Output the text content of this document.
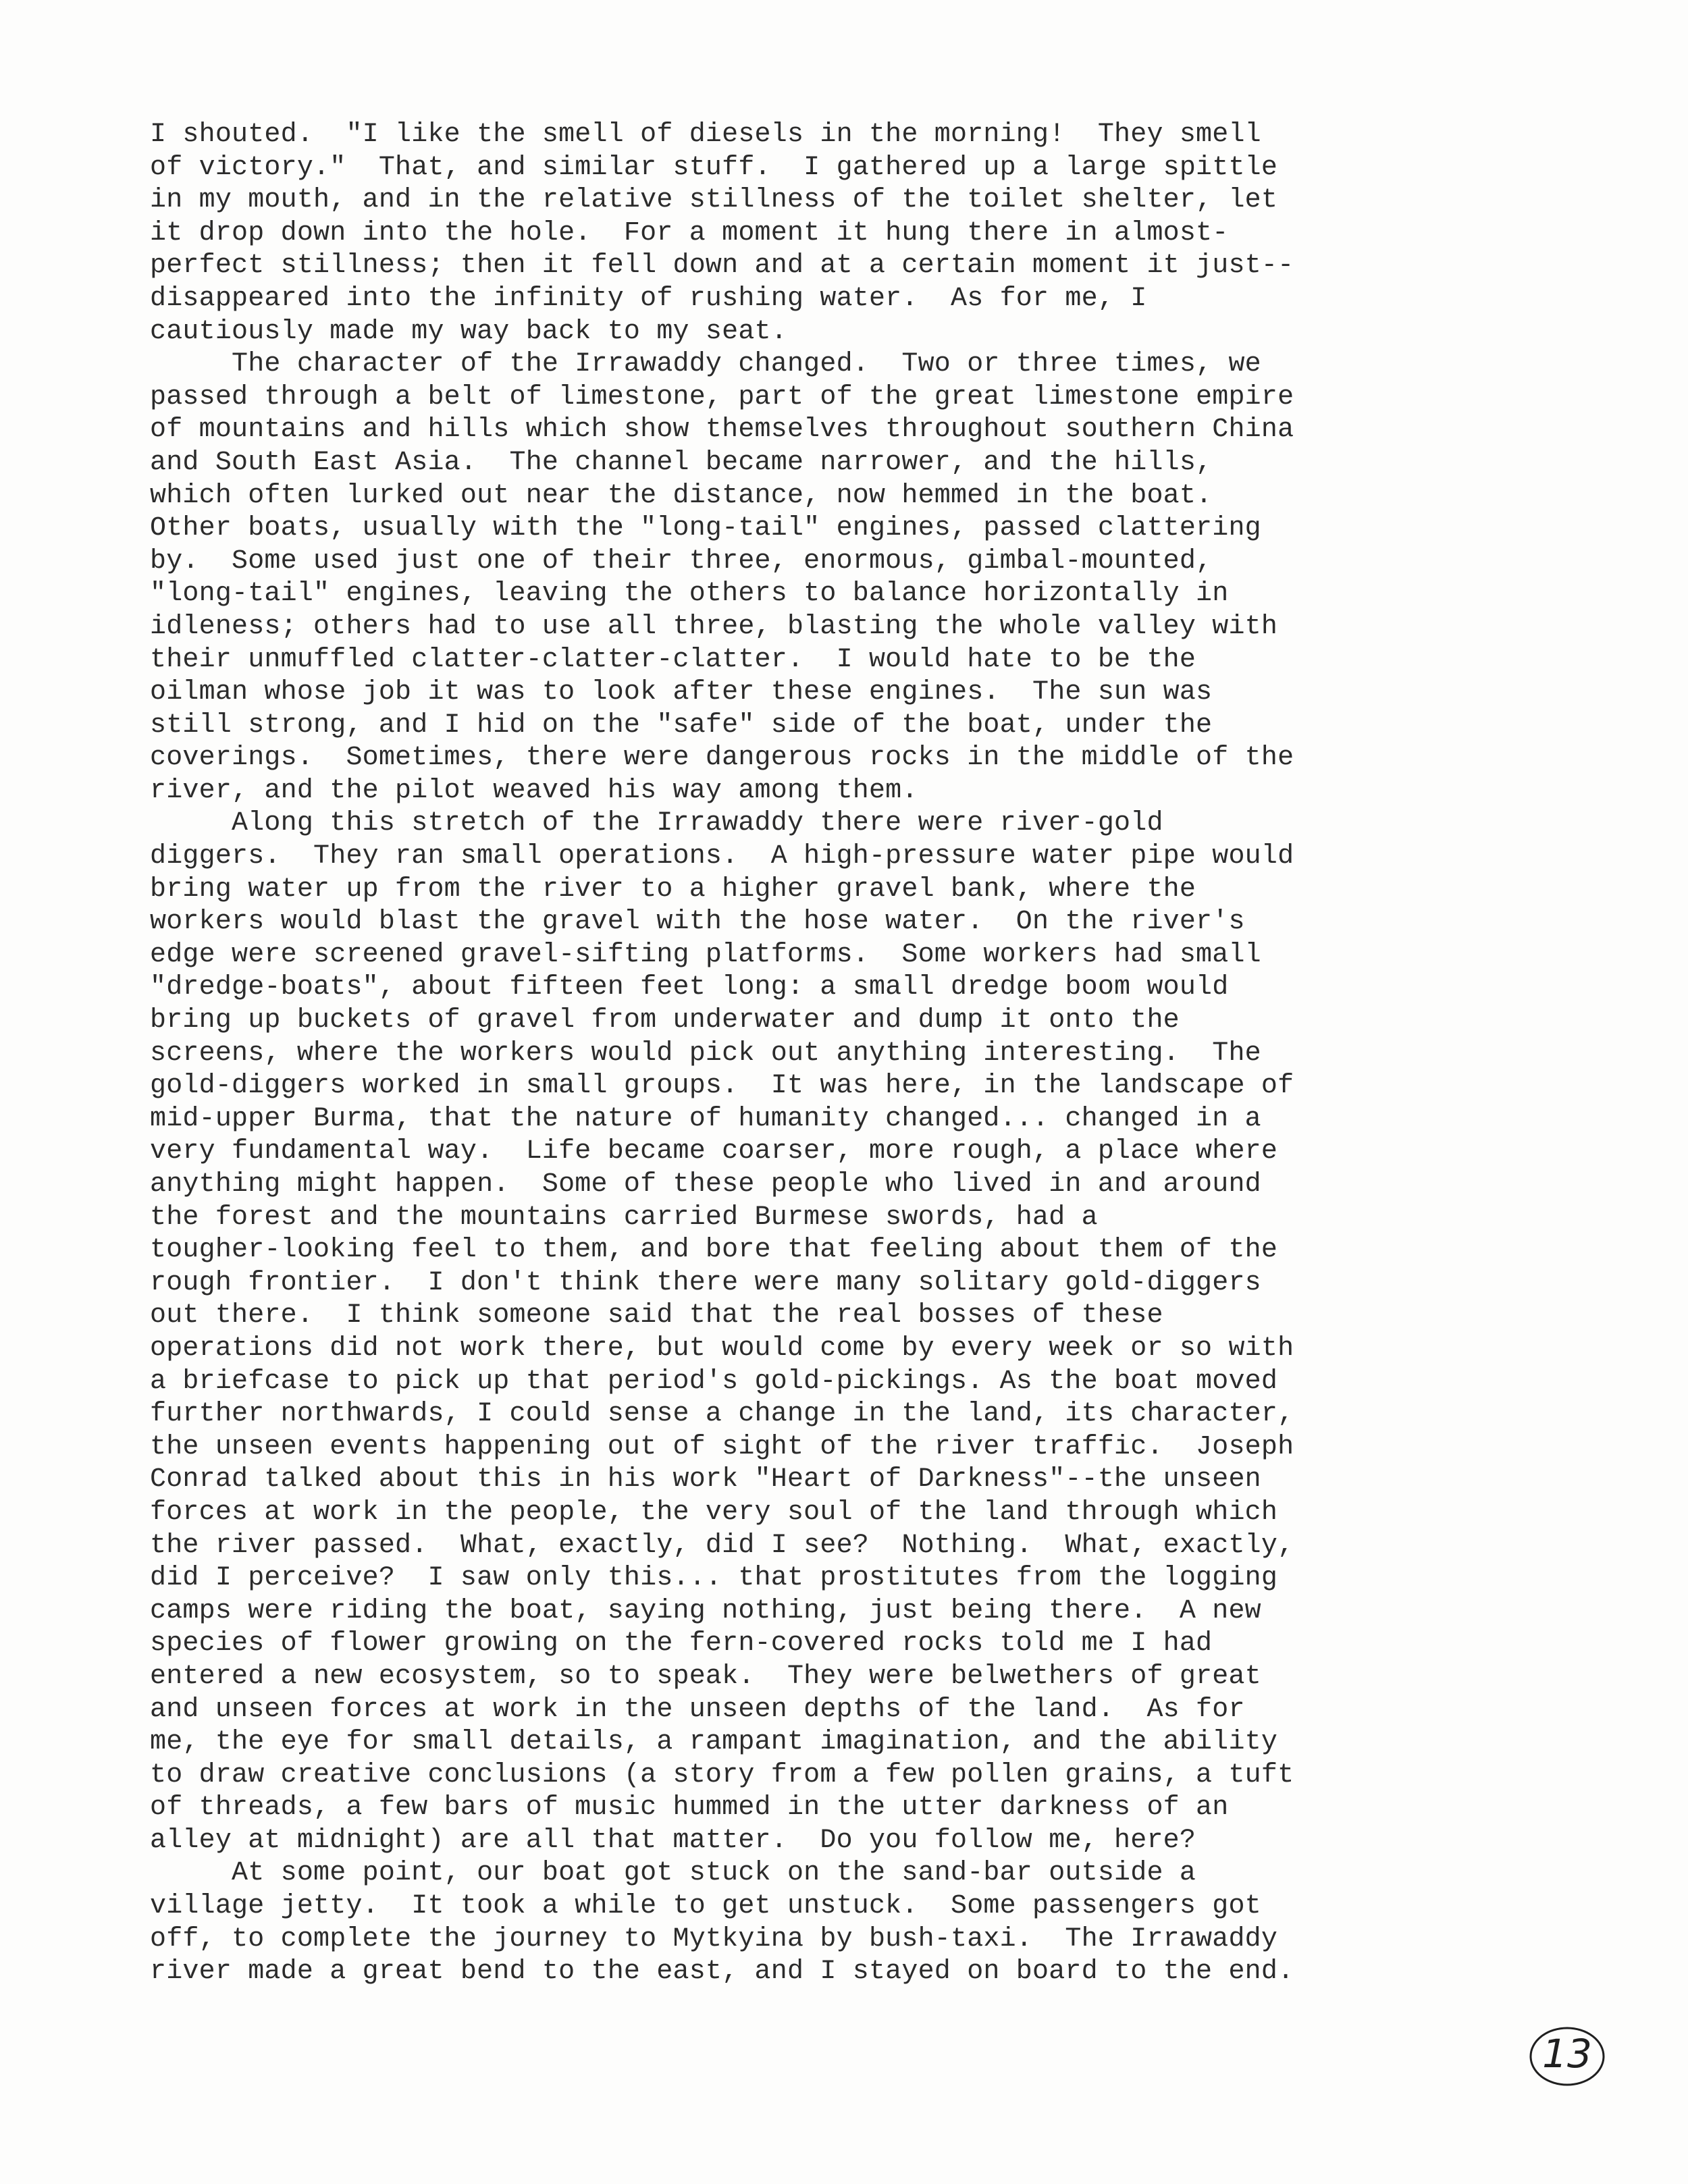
I shouted.  "I like the smell of diesels in the morning!  They smell
of victory."  That, and similar stuff.  I gathered up a large spittle
in my mouth, and in the relative stillness of the toilet shelter, let
it drop down into the hole.  For a moment it hung there in almost-
perfect stillness; then it fell down and at a certain moment it just--
disappeared into the infinity of rushing water.  As for me, I
cautiously made my way back to my seat.
The character of the Irrawaddy changed.  Two or three times, we
passed through a belt of limestone, part of the great limestone empire
of mountains and hills which show themselves throughout southern China
and South East Asia.  The channel became narrower, and the hills,
which often lurked out near the distance, now hemmed in the boat.
Other boats, usually with the "long-tail" engines, passed clattering
by.  Some used just one of their three, enormous, gimbal-mounted,
"long-tail" engines, leaving the others to balance horizontally in
idleness; others had to use all three, blasting the whole valley with
their unmuffled clatter-clatter-clatter.  I would hate to be the
oilman whose job it was to look after these engines.  The sun was
still strong, and I hid on the "safe" side of the boat, under the
coverings.  Sometimes, there were dangerous rocks in the middle of the
river, and the pilot weaved his way among them.
Along this stretch of the Irrawaddy there were river-gold
diggers.  They ran small operations.  A high-pressure water pipe would
bring water up from the river to a higher gravel bank, where the
workers would blast the gravel with the hose water.  On the river's
edge were screened gravel-sifting platforms.  Some workers had small
"dredge-boats", about fifteen feet long: a small dredge boom would
bring up buckets of gravel from underwater and dump it onto the
screens, where the workers would pick out anything interesting.  The
gold-diggers worked in small groups.  It was here, in the landscape of
mid-upper Burma, that the nature of humanity changed... changed in a
very fundamental way.  Life became coarser, more rough, a place where
anything might happen.  Some of these people who lived in and around
the forest and the mountains carried Burmese swords, had a
tougher-looking feel to them, and bore that feeling about them of the
rough frontier.  I don't think there were many solitary gold-diggers
out there.  I think someone said that the real bosses of these
operations did not work there, but would come by every week or so with
a briefcase to pick up that period's gold-pickings. As the boat moved
further northwards, I could sense a change in the land, its character,
the unseen events happening out of sight of the river traffic.  Joseph
Conrad talked about this in his work "Heart of Darkness"--the unseen
forces at work in the people, the very soul of the land through which
the river passed.  What, exactly, did I see?  Nothing.  What, exactly,
did I perceive?  I saw only this... that prostitutes from the logging
camps were riding the boat, saying nothing, just being there.  A new
species of flower growing on the fern-covered rocks told me I had
entered a new ecosystem, so to speak.  They were belwethers of great
and unseen forces at work in the unseen depths of the land.  As for
me, the eye for small details, a rampant imagination, and the ability
to draw creative conclusions (a story from a few pollen grains, a tuft
of threads, a few bars of music hummed in the utter darkness of an
alley at midnight) are all that matter.  Do you follow me, here?
At some point, our boat got stuck on the sand-bar outside a
village jetty.  It took a while to get unstuck.  Some passengers got
off, to complete the journey to Mytkyina by bush-taxi.  The Irrawaddy
river made a great bend to the east, and I stayed on board to the end.
13
